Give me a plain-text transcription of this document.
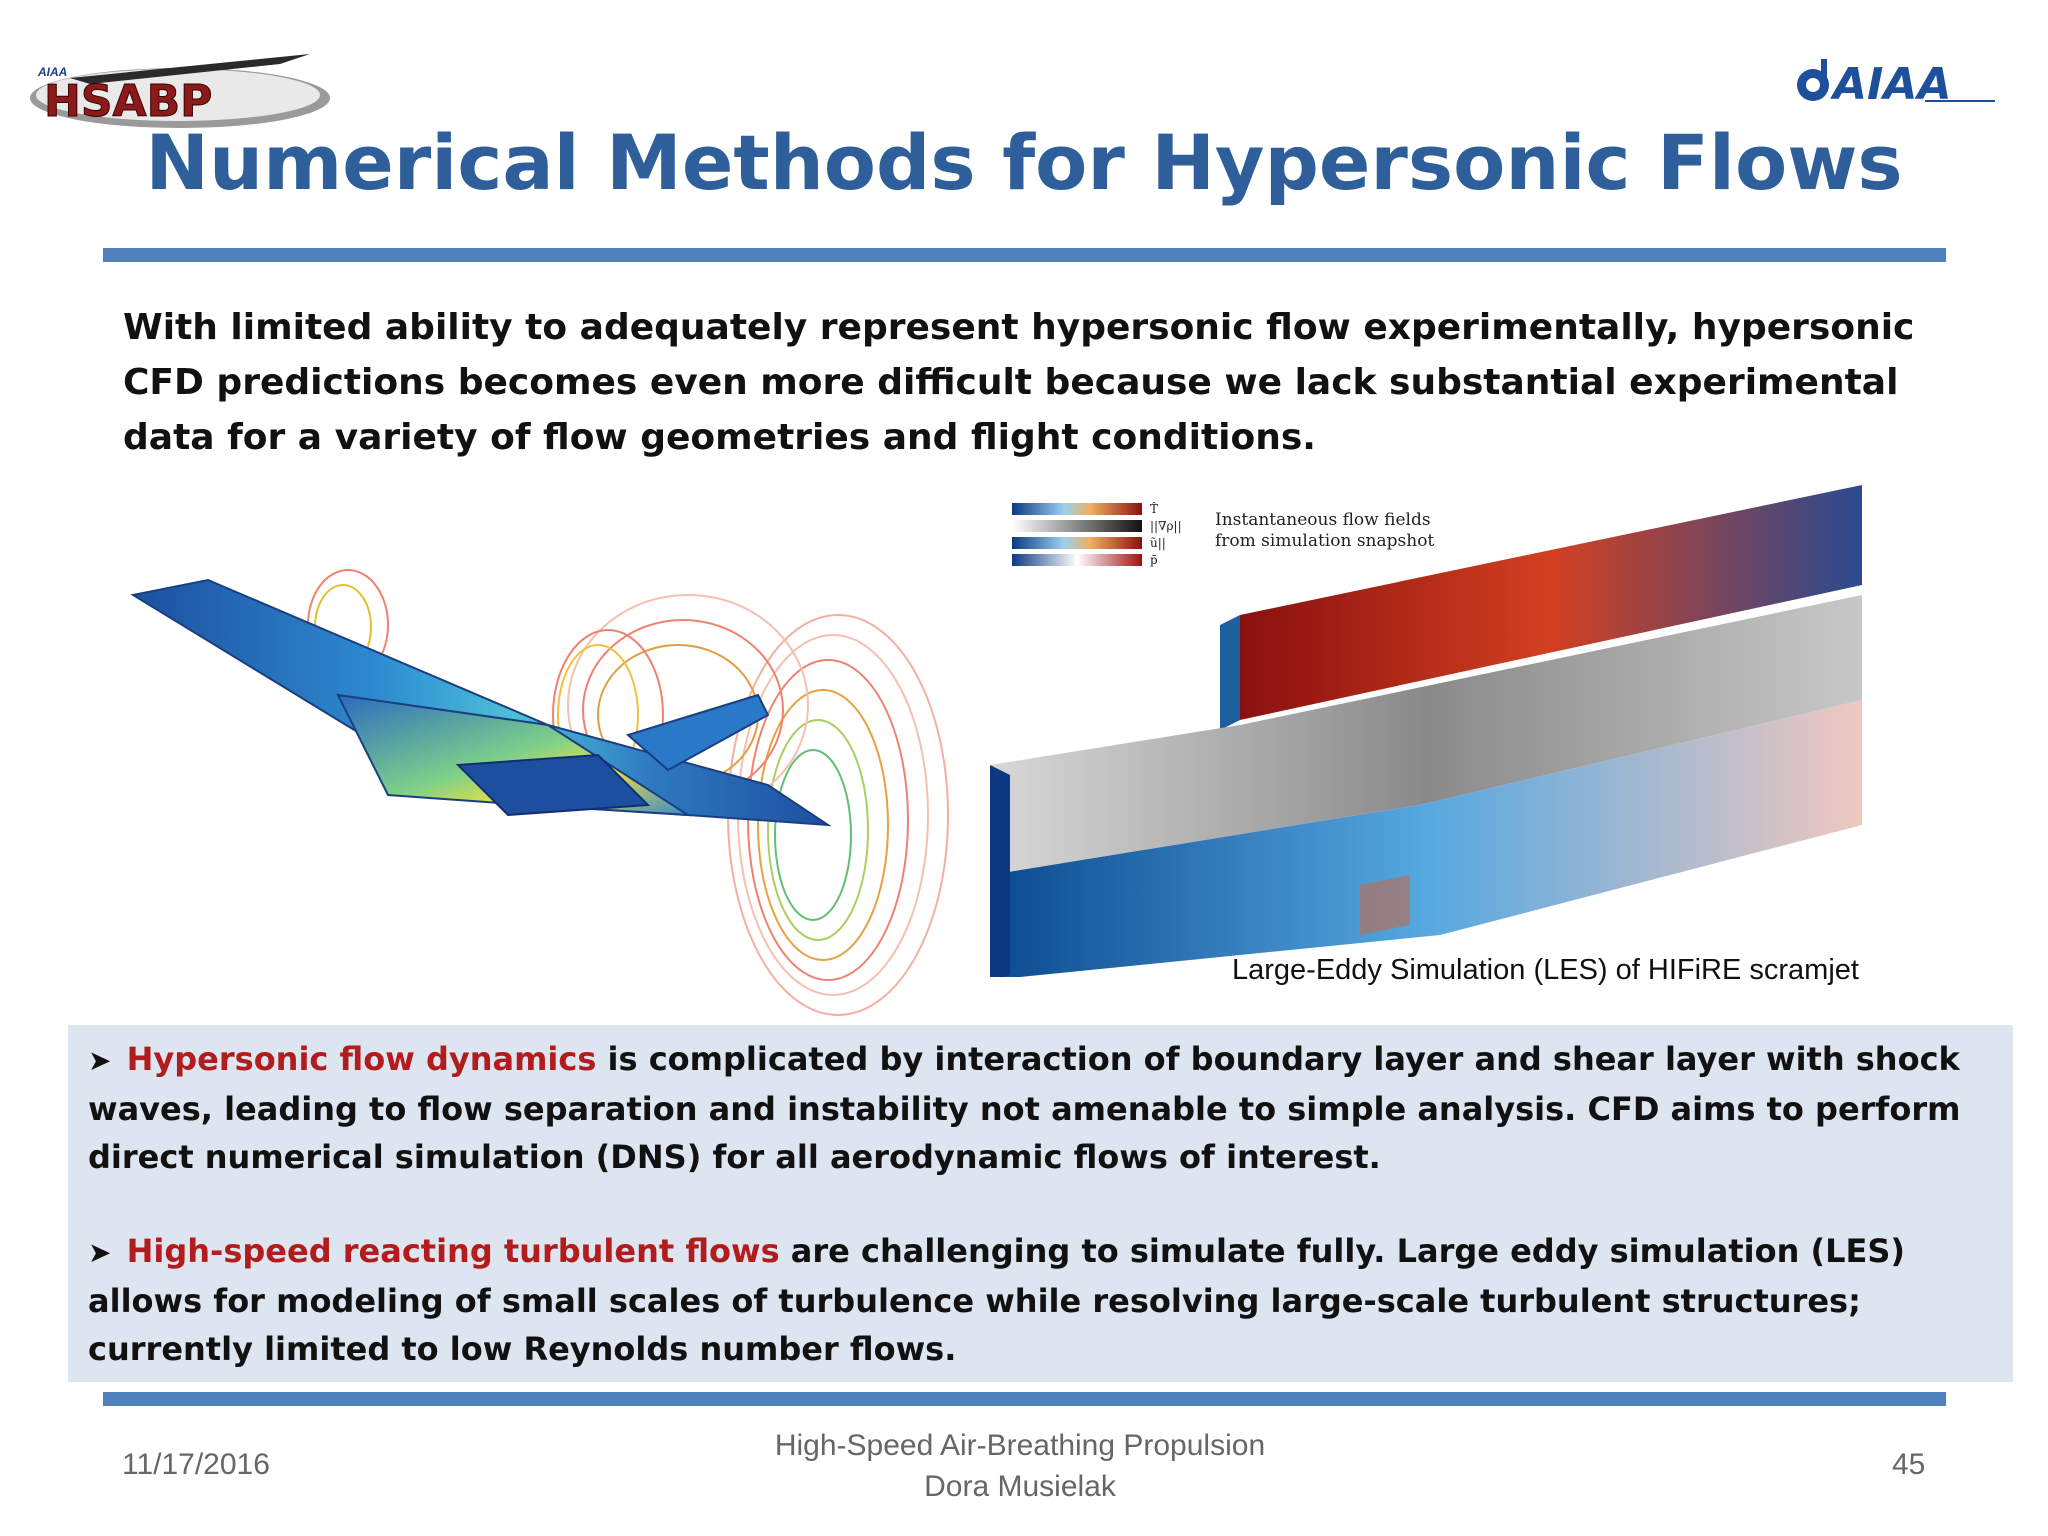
AIAA
HSABP	AIAA
Numerical Methods for Hypersonic Flows
With limited ability to adequately represent hypersonic flow experimentally, hypersonic CFD predictions becomes even more difficult because we lack substantial experimental data for a variety of flow geometries and flight conditions.
T̂
||∇ρ||
ũ||
p̄
Instantaneous flow fields
from simulation snapshot
Large-Eddy Simulation (LES) of HIFiRE scramjet
➤ Hypersonic flow dynamics is complicated by interaction of boundary layer and shear layer with shock waves, leading to flow separation and instability not amenable to simple analysis. CFD aims to perform direct numerical simulation (DNS) for all aerodynamic flows of interest.
➤ High-speed reacting turbulent flows are challenging to simulate fully. Large eddy simulation (LES) allows for modeling of small scales of turbulence while resolving large-scale turbulent structures; currently limited to low Reynolds number flows.
11/17/2016
High-Speed Air-Breathing Propulsion
Dora Musielak
45
